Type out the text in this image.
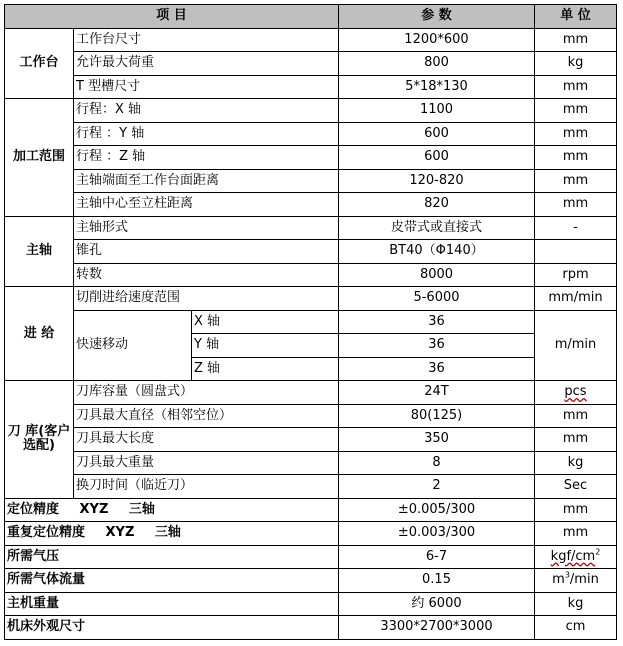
项 目			参 数	单 位
工作台	工作台尺寸		1200*600	mm
	允许最大荷重		800	kg
	T 型槽尺寸		5*18*130	mm
加工范围	行程：X 轴		1100	mm
	行程 ：Y 轴		600	mm
	行程 ：Z 轴		600	mm
	主轴端面至工作台面距离		120-820	mm
	主轴中心至立柱距离		820	mm
主轴	主轴形式		皮带式或直接式	-
	锥孔		BT40（Φ140）	
	转数		8000	rpm
进 给	切削进给速度范围		5-6000	mm/min
	快速移动	X 轴	36	m/min
		Y 轴	36	
		Z 轴	36	
刀 库(客户选配)	刀库容量（圆盘式）		24T	pcs
	刀具最大直径（相邻空位）		80(125)	mm
	刀具最大长度		350	mm
	刀具最大重量		8	kg
	换刀时间（临近刀）		2	Sec
定位精度 XYZ 三轴			±0.005/300	mm
重复定位精度 XYZ 三轴			±0.003/300	mm
所需气压			6-7	kgf/$cm^2$
所需气体流量			0.15	$m^3/\min$
主机重量			约 6000	kg
机床外观尺寸			3300*2700*3000	cm
